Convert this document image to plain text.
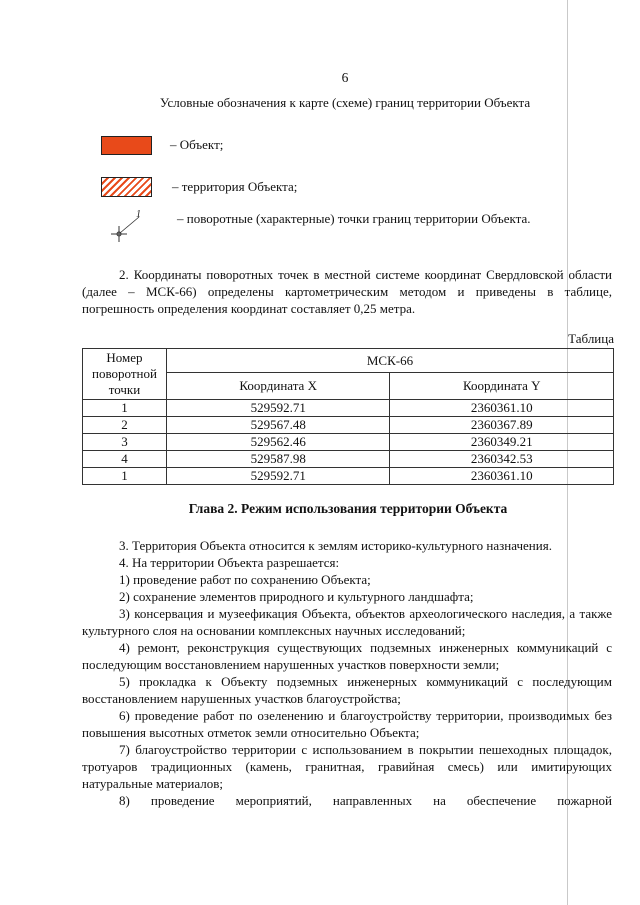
6
Условные обозначения к карте (схеме) границ территории Объекта
– Объект;
– территория Объекта;
1	– поворотные (характерные) точки границ территории Объекта.
2. Координаты поворотных точек в местной системе координат Свердловской области (далее – МСК-66) определены картометрическим методом и приведены в таблице, погрешность определения координат составляет 0,25 метра.
Таблица
Номер поворотной точки	МСК-66	
	Координата X	Координата Y
1	529592.71	2360361.10
2	529567.48	2360367.89
3	529562.46	2360349.21
4	529587.98	2360342.53
1	529592.71	2360361.10
Глава 2. Режим использования территории Объекта
3. Территория Объекта относится к землям историко-культурного назначения.
4. На территории Объекта разрешается:
1) проведение работ по сохранению Объекта;
2) сохранение элементов природного и культурного ландшафта;
3) консервация и музеефикация Объекта, объектов археологического наследия, а также культурного слоя на основании комплексных научных исследований;
4) ремонт, реконструкция существующих подземных инженерных коммуникаций с последующим восстановлением нарушенных участков поверхности земли;
5) прокладка к Объекту подземных инженерных коммуникаций с последующим восстановлением нарушенных участков благоустройства;
6) проведение работ по озеленению и благоустройству территории, производимых без повышения высотных отметок земли относительно Объекта;
7) благоустройство территории с использованием в покрытии пешеходных площадок, тротуаров традиционных (камень, гранитная, гравийная смесь) или имитирующих натуральные материалов;
8) проведение мероприятий, направленных на обеспечение пожарной
